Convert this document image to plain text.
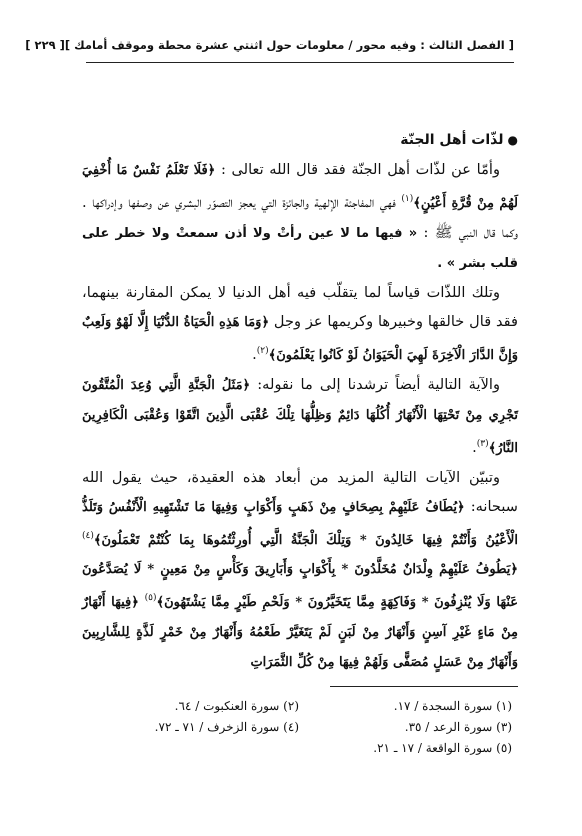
[ الفصل الثالث : وفيه محور / معلومات حول اثنتي عشرة محطة وموقف أمامك ]
[ ٢٢٩ ]
●لذّات أهل الجنّة

وأمّا عن لذّات أهل الجنّة فقد قال الله تعالى : ﴿فَلَا تَعْلَمُ نَفْسٌ مَا أُخْفِيَ لَهُمْ مِنْ قُرَّةِ أَعْيُنٍ﴾$^{(١)}$ فهي المفاجئة الإلهية والجائزة التي يعجز التصوّر البشري عن وصفها وإدراكها . وكما قال النبي ﷺ : « فيها ما لا عين رأتْ ولا أذن سمعتْ ولا خطر على قلب بشر » .

وتلك اللذّات قياساً لما يتقلّب فيه أهل الدنيا لا يمكن المقارنة بينهما، فقد قال خالقها وخبيرها وكريمها عز وجل ﴿وَمَا هَذِهِ الْحَيَاةُ الدُّنْيَا إِلَّا لَهْوٌ وَلَعِبٌ وَإِنَّ الدَّارَ الْآخِرَةَ لَهِيَ الْحَيَوَانُ لَوْ كَانُوا يَعْلَمُونَ﴾$^{(٢)}$.

والآية التالية أيضاً ترشدنا إلى ما نقوله: ﴿مَثَلُ الْجَنَّةِ الَّتِي وُعِدَ الْمُتَّقُونَ تَجْرِي مِنْ تَحْتِهَا الْأَنْهَارُ أُكُلُهَا دَائِمٌ وَظِلُّهَا تِلْكَ عُقْبَى الَّذِينَ اتَّقَوْا وَعُقْبَى الْكَافِرِينَ النَّارُ﴾$^{(٣)}$.

وتبيّن الآيات التالية المزيد من أبعاد هذه العقيدة، حيث يقول الله سبحانه: ﴿يُطَافُ عَلَيْهِمْ بِصِحَافٍ مِنْ ذَهَبٍ وَأَكْوَابٍ وَفِيهَا مَا تَشْتَهِيهِ الْأَنْفُسُ وَتَلَذُّ الْأَعْيُنُ وَأَنْتُمْ فِيهَا خَالِدُونَ * وَتِلْكَ الْجَنَّةُ الَّتِي أُورِثْتُمُوهَا بِمَا كُنْتُمْ تَعْمَلُونَ﴾$^{(٤)}$ ﴿يَطُوفُ عَلَيْهِمْ وِلْدَانٌ مُخَلَّدُونَ * بِأَكْوَابٍ وَأَبَارِيقَ وَكَأْسٍ مِنْ مَعِينٍ * لَا يُصَدَّعُونَ عَنْهَا وَلَا يُنْزِفُونَ * وَفَاكِهَةٍ مِمَّا يَتَخَيَّرُونَ * وَلَحْمِ طَيْرٍ مِمَّا يَشْتَهُونَ﴾$^{(٥)}$ ﴿فِيهَا أَنْهَارٌ مِنْ مَاءٍ غَيْرِ آسِنٍ وَأَنْهَارٌ مِنْ لَبَنٍ لَمْ يَتَغَيَّرْ طَعْمُهُ وَأَنْهَارٌ مِنْ خَمْرٍ لَذَّةٍ لِلشَّارِبِينَ وَأَنْهَارٌ مِنْ عَسَلٍ مُصَفًّى وَلَهُمْ فِيهَا مِنْ كُلِّ الثَّمَرَاتِ

(١) سورة السجدة / ١٧.
(٢) سورة العنكبوت / ٦٤.
(٣) سورة الرعد / ٣٥.
(٤) سورة الزخرف / ٧١ ـ ٧٢.
(٥) سورة الواقعة / ١٧ ـ ٢١.
